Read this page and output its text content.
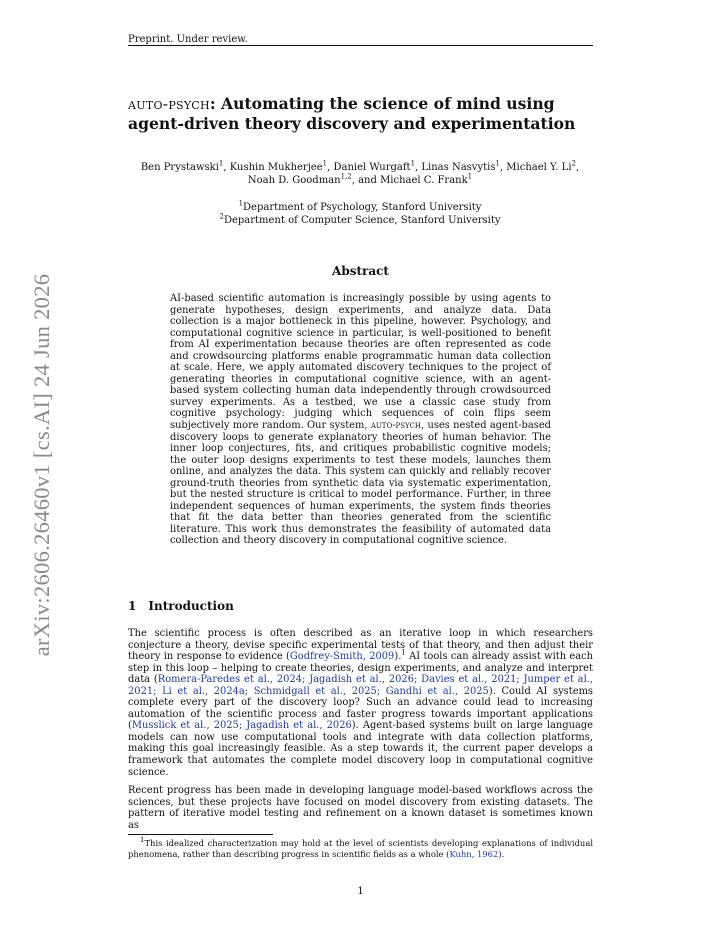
Preprint. Under review.
arXiv:2606.26460v1 [cs.AI] 24 Jun 2026
auto-psych: Automating the science of mind using agent-driven theory discovery and experimentation
Ben Prystawski$^1$, Kushin Mukherjee$^1$, Daniel Wurgaft$^1$, Linas Nasvytis$^1$, Michael Y. Li$^2$,
Noah D. Goodman$^{1,2}$, and Michael C. Frank$^1$
$^1$Department of Psychology, Stanford University
$^2$Department of Computer Science, Stanford University
Abstract
AI-based scientific automation is increasingly possible by using agents to generate hypotheses, design experiments, and analyze data. Data collection is a major bottleneck in this pipeline, however. Psychology, and computational cognitive science in particular, is well-positioned to benefit from AI experimentation because theories are often represented as code and crowdsourcing platforms enable programmatic human data collection at scale. Here, we apply automated discovery techniques to the project of generating theories in computational cognitive science, with an agent-based system collecting human data independently through crowdsourced survey experiments. As a testbed, we use a classic case study from cognitive psychology: judging which sequences of coin flips seem subjectively more random. Our system, auto-psych, uses nested agent-based discovery loops to generate explanatory theories of human behavior. The inner loop conjectures, fits, and critiques probabilistic cognitive models; the outer loop designs experiments to test these models, launches them online, and analyzes the data. This system can quickly and reliably recover ground-truth theories from synthetic data via systematic experimentation, but the nested structure is critical to model performance. Further, in three independent sequences of human experiments, the system finds theories that fit the data better than theories generated from the scientific literature. This work thus demonstrates the feasibility of automated data collection and theory discovery in computational cognitive science.
1 Introduction
The scientific process is often described as an iterative loop in which researchers conjecture a theory, devise specific experimental tests of that theory, and then adjust their theory in response to evidence (Godfrey-Smith, 2009).$^1$ AI tools can already assist with each step in this loop – helping to create theories, design experiments, and analyze and interpret data (Romera-Paredes et al., 2024; Jagadish et al., 2026; Davies et al., 2021; Jumper et al., 2021; Li et al., 2024a; Schmidgall et al., 2025; Gandhi et al., 2025). Could AI systems complete every part of the discovery loop? Such an advance could lead to increasing automation of the scientific process and faster progress towards important applications (Musslick et al., 2025; Jagadish et al., 2026). Agent-based systems built on large language models can now use computational tools and integrate with data collection platforms, making this goal increasingly feasible. As a step towards it, the current paper develops a framework that automates the complete model discovery loop in computational cognitive science.
Recent progress has been made in developing language model-based workflows across the sciences, but these projects have focused on model discovery from existing datasets. The pattern of iterative model testing and refinement on a known dataset is sometimes known as
$^1$This idealized characterization may hold at the level of scientists developing explanations of individual phenomena, rather than describing progress in scientific fields as a whole (Kuhn, 1962).
1
